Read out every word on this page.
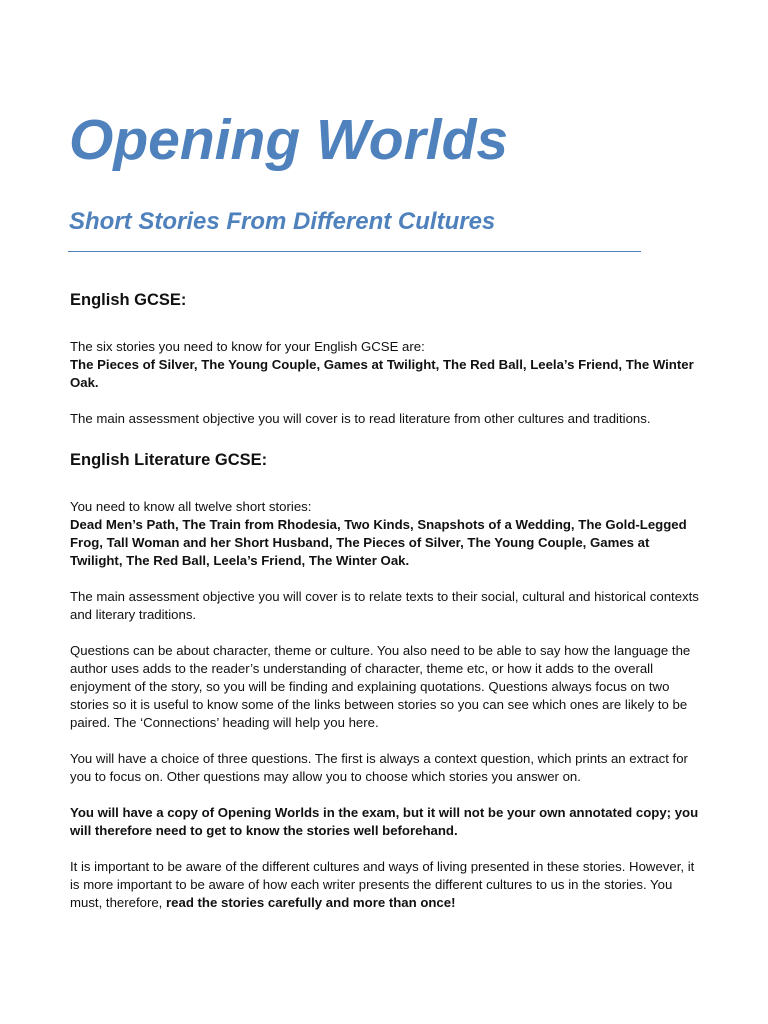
Opening Worlds
Short Stories From Different Cultures
English GCSE:

The six stories you need to know for your English GCSE are:

The Pieces of Silver, The Young Couple, Games at Twilight, The Red Ball, Leela’s Friend, The Winter Oak.

The main assessment objective you will cover is to read literature from other cultures and traditions.

English Literature GCSE:

You need to know all twelve short stories:

Dead Men’s Path, The Train from Rhodesia, Two Kinds, Snapshots of a Wedding, The Gold-Legged Frog, Tall Woman and her Short Husband, The Pieces of Silver, The Young Couple, Games at Twilight, The Red Ball, Leela’s Friend, The Winter Oak.

The main assessment objective you will cover is to relate texts to their social, cultural and historical contexts and literary traditions.

Questions can be about character, theme or culture. You also need to be able to say how the language the author uses adds to the reader’s understanding of character, theme etc, or how it adds to the overall enjoyment of the story, so you will be finding and explaining quotations. Questions always focus on two stories so it is useful to know some of the links between stories so you can see which ones are likely to be paired. The ‘Connections’ heading will help you here.

You will have a choice of three questions. The first is always a context question, which prints an extract for you to focus on. Other questions may allow you to choose which stories you answer on.

You will have a copy of Opening Worlds in the exam, but it will not be your own annotated copy; you will therefore need to get to know the stories well beforehand.

It is important to be aware of the different cultures and ways of living presented in these stories. However, it is more important to be aware of how each writer presents the different cultures to us in the stories. You must, therefore, read the stories carefully and more than once!
